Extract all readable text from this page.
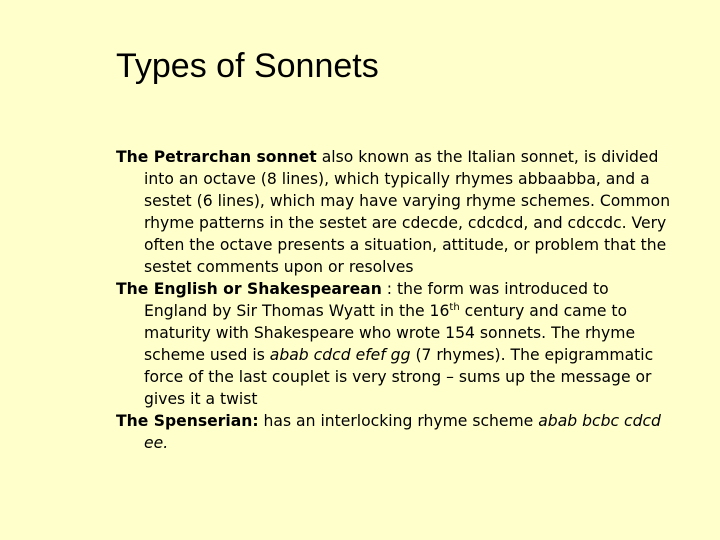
Types of Sonnets

The Petrarchan sonnet also known as the Italian sonnet, is divided into an octave (8 lines), which typically rhymes abbaabba, and a sestet (6 lines), which may have varying rhyme schemes. Common rhyme patterns in the sestet are cdecde, cdcdcd, and cdccdc. Very often the octave presents a situation, attitude, or problem that the sestet comments upon or resolves

The English or Shakespearean : the form was introduced to England by Sir Thomas Wyatt in the 16th century and came to maturity with Shakespeare who wrote 154 sonnets. The rhyme scheme used is abab cdcd efef gg (7 rhymes). The epigrammatic force of the last couplet is very strong – sums up the message or gives it a twist

The Spenserian: has an interlocking rhyme scheme abab bcbc cdcd ee.
